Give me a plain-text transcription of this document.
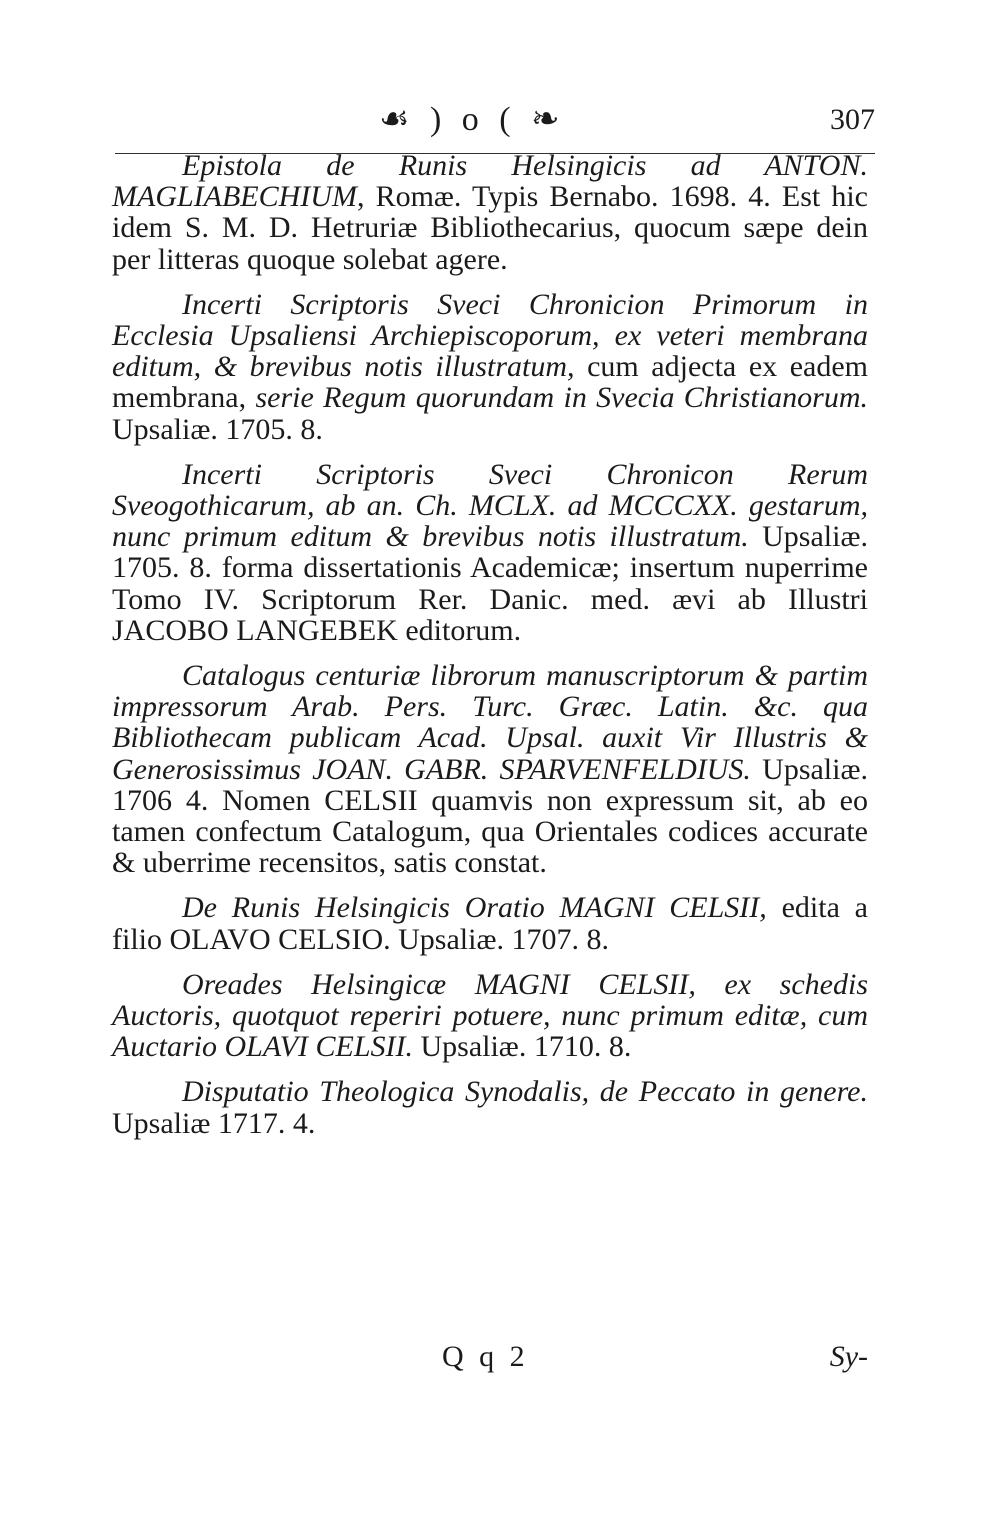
☙ ) o ( ❧	307

Epistola de Runis Helsingicis ad ANTON. MAGLIABECHIUM, Romæ. Typis Bernabo. 1698. 4. Est hic idem S. M. D. Hetruriæ Bibliothecarius, quocum sæpe dein per litteras quoque solebat agere.

Incerti Scriptoris Sveci Chronicion Primorum in Ecclesia Upsaliensi Archiepiscoporum, ex veteri membrana editum, & brevibus notis illustratum, cum adjecta ex eadem membrana, serie Regum quorundam in Svecia Christianorum. Upsaliæ. 1705. 8.

Incerti Scriptoris Sveci Chronicon Rerum Sveogothicarum, ab an. Ch. MCLX. ad MCCCXX. gestarum, nunc primum editum & brevibus notis illustratum. Upsaliæ. 1705. 8. forma dissertationis Academicæ; insertum nuperrime Tomo IV. Scriptorum Rer. Danic. med. ævi ab Illustri JACOBO LANGEBEK editorum.

Catalogus centuriæ librorum manuscriptorum & partim impressorum Arab. Pers. Turc. Græc. Latin. &c. qua Bibliothecam publicam Acad. Upsal. auxit Vir Illustris & Generosissimus JOAN. GABR. SPARVENFELDIUS. Upsaliæ. 1706 4. Nomen CELSII quamvis non expressum sit, ab eo tamen confectum Catalogum, qua Orientales codices accurate & uberrime recensitos, satis constat.

De Runis Helsingicis Oratio MAGNI CELSII, edita a filio OLAVO CELSIO. Upsaliæ. 1707. 8.

Oreades Helsingicæ MAGNI CELSII, ex schedis Auctoris, quotquot reperiri potuere, nunc primum editæ, cum Auctario OLAVI CELSII. Upsaliæ. 1710. 8.

Disputatio Theologica Synodalis, de Peccato in genere. Upsaliæ 1717. 4.

Q q 2	Sy-
